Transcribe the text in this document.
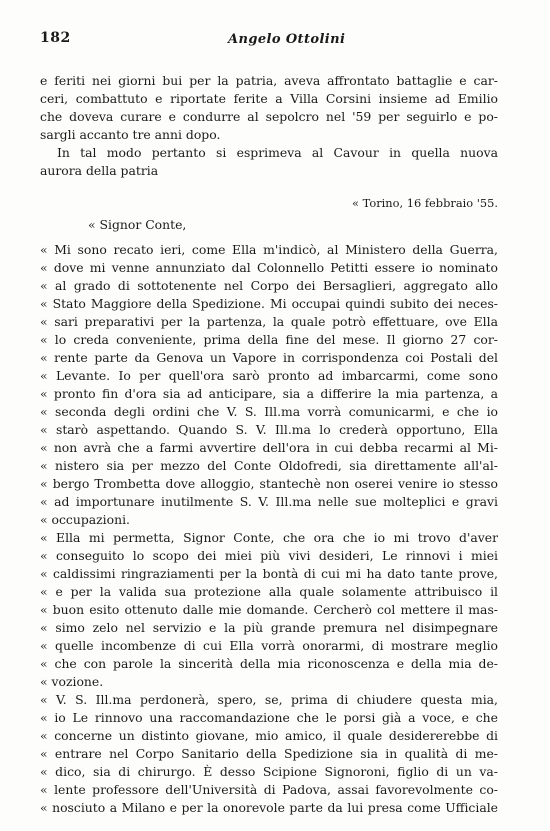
182	Angelo Ottolini
e feriti nei giorni bui per la patria, aveva affrontato battaglie e car-
ceri, combattuto e riportate ferite a Villa Corsini insieme ad Emilio
che doveva curare e condurre al sepolcro nel '59 per seguirlo e po-
sargli accanto tre anni dopo.
In tal modo pertanto si esprimeva al Cavour in quella nuova
aurora della patria
« Torino, 16 febbraio '55.
« Signor Conte,
« Mi sono recato ieri, come Ella m'indicò, al Ministero della Guerra,
« dove mi venne annunziato dal Colonnello Petitti essere io nominato
« al grado di sottotenente nel Corpo dei Bersaglieri, aggregato allo
« Stato Maggiore della Spedizione. Mi occupai quindi subito dei neces-
« sari preparativi per la partenza, la quale potrò effettuare, ove Ella
« lo creda conveniente, prima della fine del mese. Il giorno 27 cor-
« rente parte da Genova un Vapore in corrispondenza coi Postali del
« Levante. Io per quell'ora sarò pronto ad imbarcarmi, come sono
« pronto fin d'ora sia ad anticipare, sia a differire la mia partenza, a
« seconda degli ordini che V. S. Ill.ma vorrà comunicarmi, e che io
« starò aspettando. Quando S. V. Ill.ma lo crederà opportuno, Ella
« non avrà che a farmi avvertire dell'ora in cui debba recarmi al Mi-
« nistero sia per mezzo del Conte Oldofredi, sia direttamente all'al-
« bergo Trombetta dove alloggio, stantechè non oserei venire io stesso
« ad importunare inutilmente S. V. Ill.ma nelle sue molteplici e gravi
« occupazioni.
« Ella mi permetta, Signor Conte, che ora che io mi trovo d'aver
« conseguito lo scopo dei miei più vivi desideri, Le rinnovi i miei
« caldissimi ringraziamenti per la bontà di cui mi ha dato tante prove,
« e per la valida sua protezione alla quale solamente attribuisco il
« buon esito ottenuto dalle mie domande. Cercherò col mettere il mas-
« simo zelo nel servizio e la più grande premura nel disimpegnare
« quelle incombenze di cui Ella vorrà onorarmi, di mostrare meglio
« che con parole la sincerità della mia riconoscenza e della mia de-
« vozione.
« V. S. Ill.ma perdonerà, spero, se, prima di chiudere questa mia,
« io Le rinnovo una raccomandazione che le porsi già a voce, e che
« concerne un distinto giovane, mio amico, il quale desidererebbe di
« entrare nel Corpo Sanitario della Spedizione sia in qualità di me-
« dico, sia di chirurgo. È desso Scipione Signoroni, figlio di un va-
« lente professore dell'Università di Padova, assai favorevolmente co-
« nosciuto a Milano e per la onorevole parte da lui presa come Ufficiale
